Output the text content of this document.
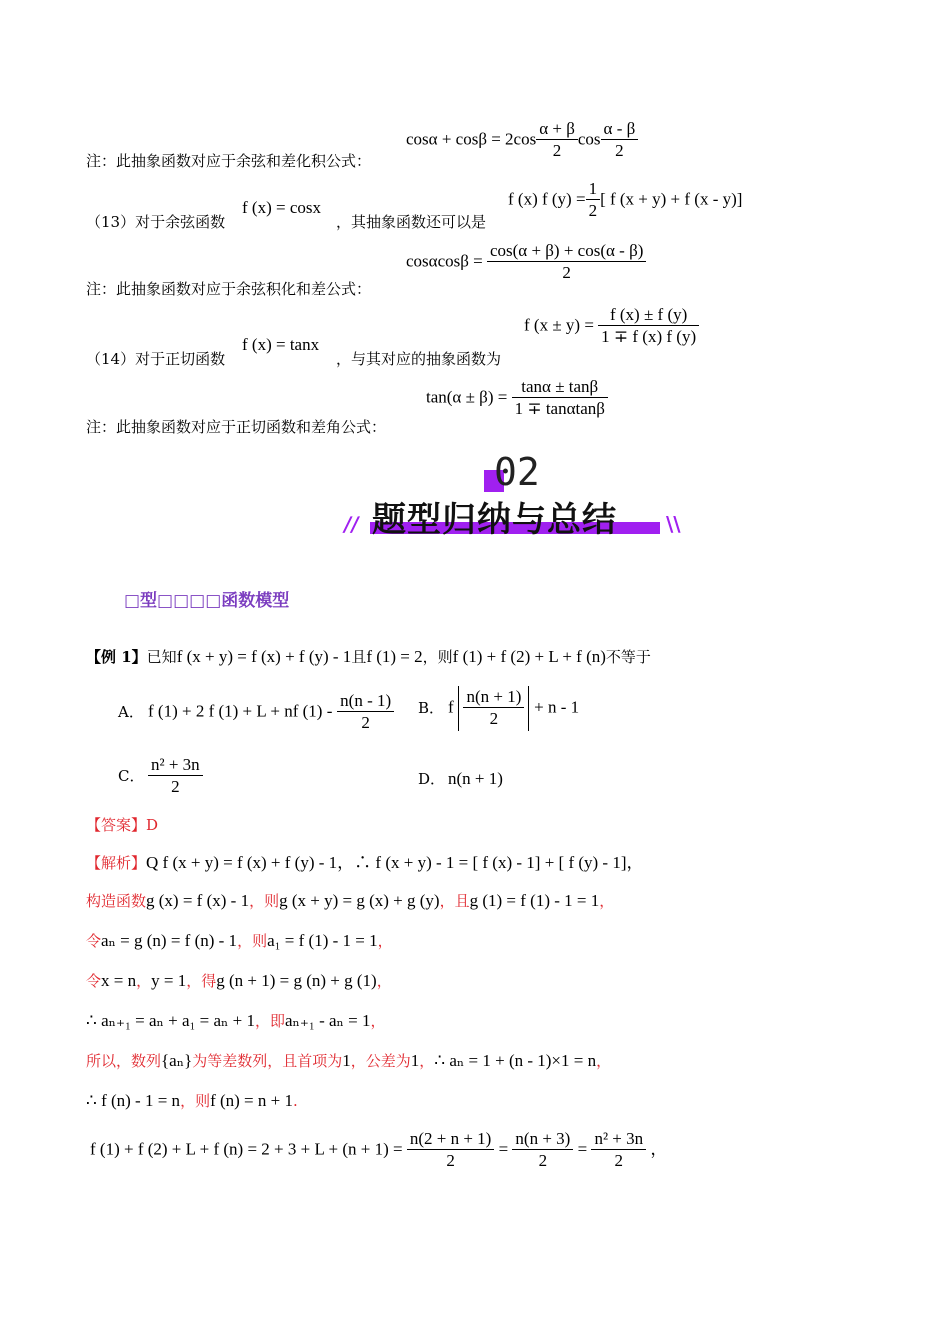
$\cos\alpha + \cos\beta = 2\cos \frac{\alpha + \beta}{2}$ $\cos \frac{\alpha - \beta}{2}$
注：此抽象函数对应于余弦和差化积公式：
（13）对于余弦函数
f (x) = cosx
，其抽象函数还可以是
f (x) f $(y) = \frac{1}{2}$ [ f (x + y) + f (x - y)]
$\cos\alpha\cos\beta = \frac{\cos(\alpha + \beta) + \cos(\alpha - \beta)}{2}$
注：此抽象函数对应于余弦积化和差公式：
f $(x \pm y) = \frac{f (x) \pm f (y)}{1 \mp f (x) f (y)}$
（14）对于正切函数
f (x) = tanx
，与其对应的抽象函数为
$\tan(\alpha \pm \beta) = \frac{\tan\alpha \pm \tan\beta}{1 \mp \tan\alpha\tan\beta}$
注：此抽象函数对应于正切函数和差角公式：
02
题型归纳与总结
//	\\
□型□□□□函数模型
【例 1】已知f (x + y) = f (x) + f (y) - 1且f (1) = 2，则f (1) + f (2) + L + f (n)不等于
A． f (1) + 2 f (1) + L + nf $(1) - \frac{n(n - 1)}{2}$ B． f $\frac{n(n + 1)}{2} + n - 1$
C． $\frac{\text{n² + 3n}}{2}$	D． n(n + 1)
【答案】D
【解析】Q f (x + y) = f (x) + f (y) - 1，∴ f (x + y) - 1 = [ f (x) - 1] + [ f (y) - 1]，
构造函数g (x) = f (x) - 1，则g (x + y) = g (x) + g (y)，且g (1) = f (1) - 1 = 1，
令aₙ = g (n) = f (n) - 1，则a₁ = f (1) - 1 = 1，
令x = n，y = 1，得g (n + 1) = g (n) + g (1)，
∴ aₙ₊₁ = aₙ + a₁ = aₙ + 1，即aₙ₊₁ - aₙ = 1，
所以，数列{aₙ}为等差数列，且首项为1，公差为1，∴ aₙ = 1 + (n - 1)×1 = n，
∴ f (n) - 1 = n，则f (n) = n + 1.
f (1) + f (2) + L + f $(n) = 2 + 3 + L + (n + 1) = \frac{n(2 + n + 1)}{2} = \frac{n(n + 3)}{2} = \frac{\text{n² + 3n}}{2}$ ，
